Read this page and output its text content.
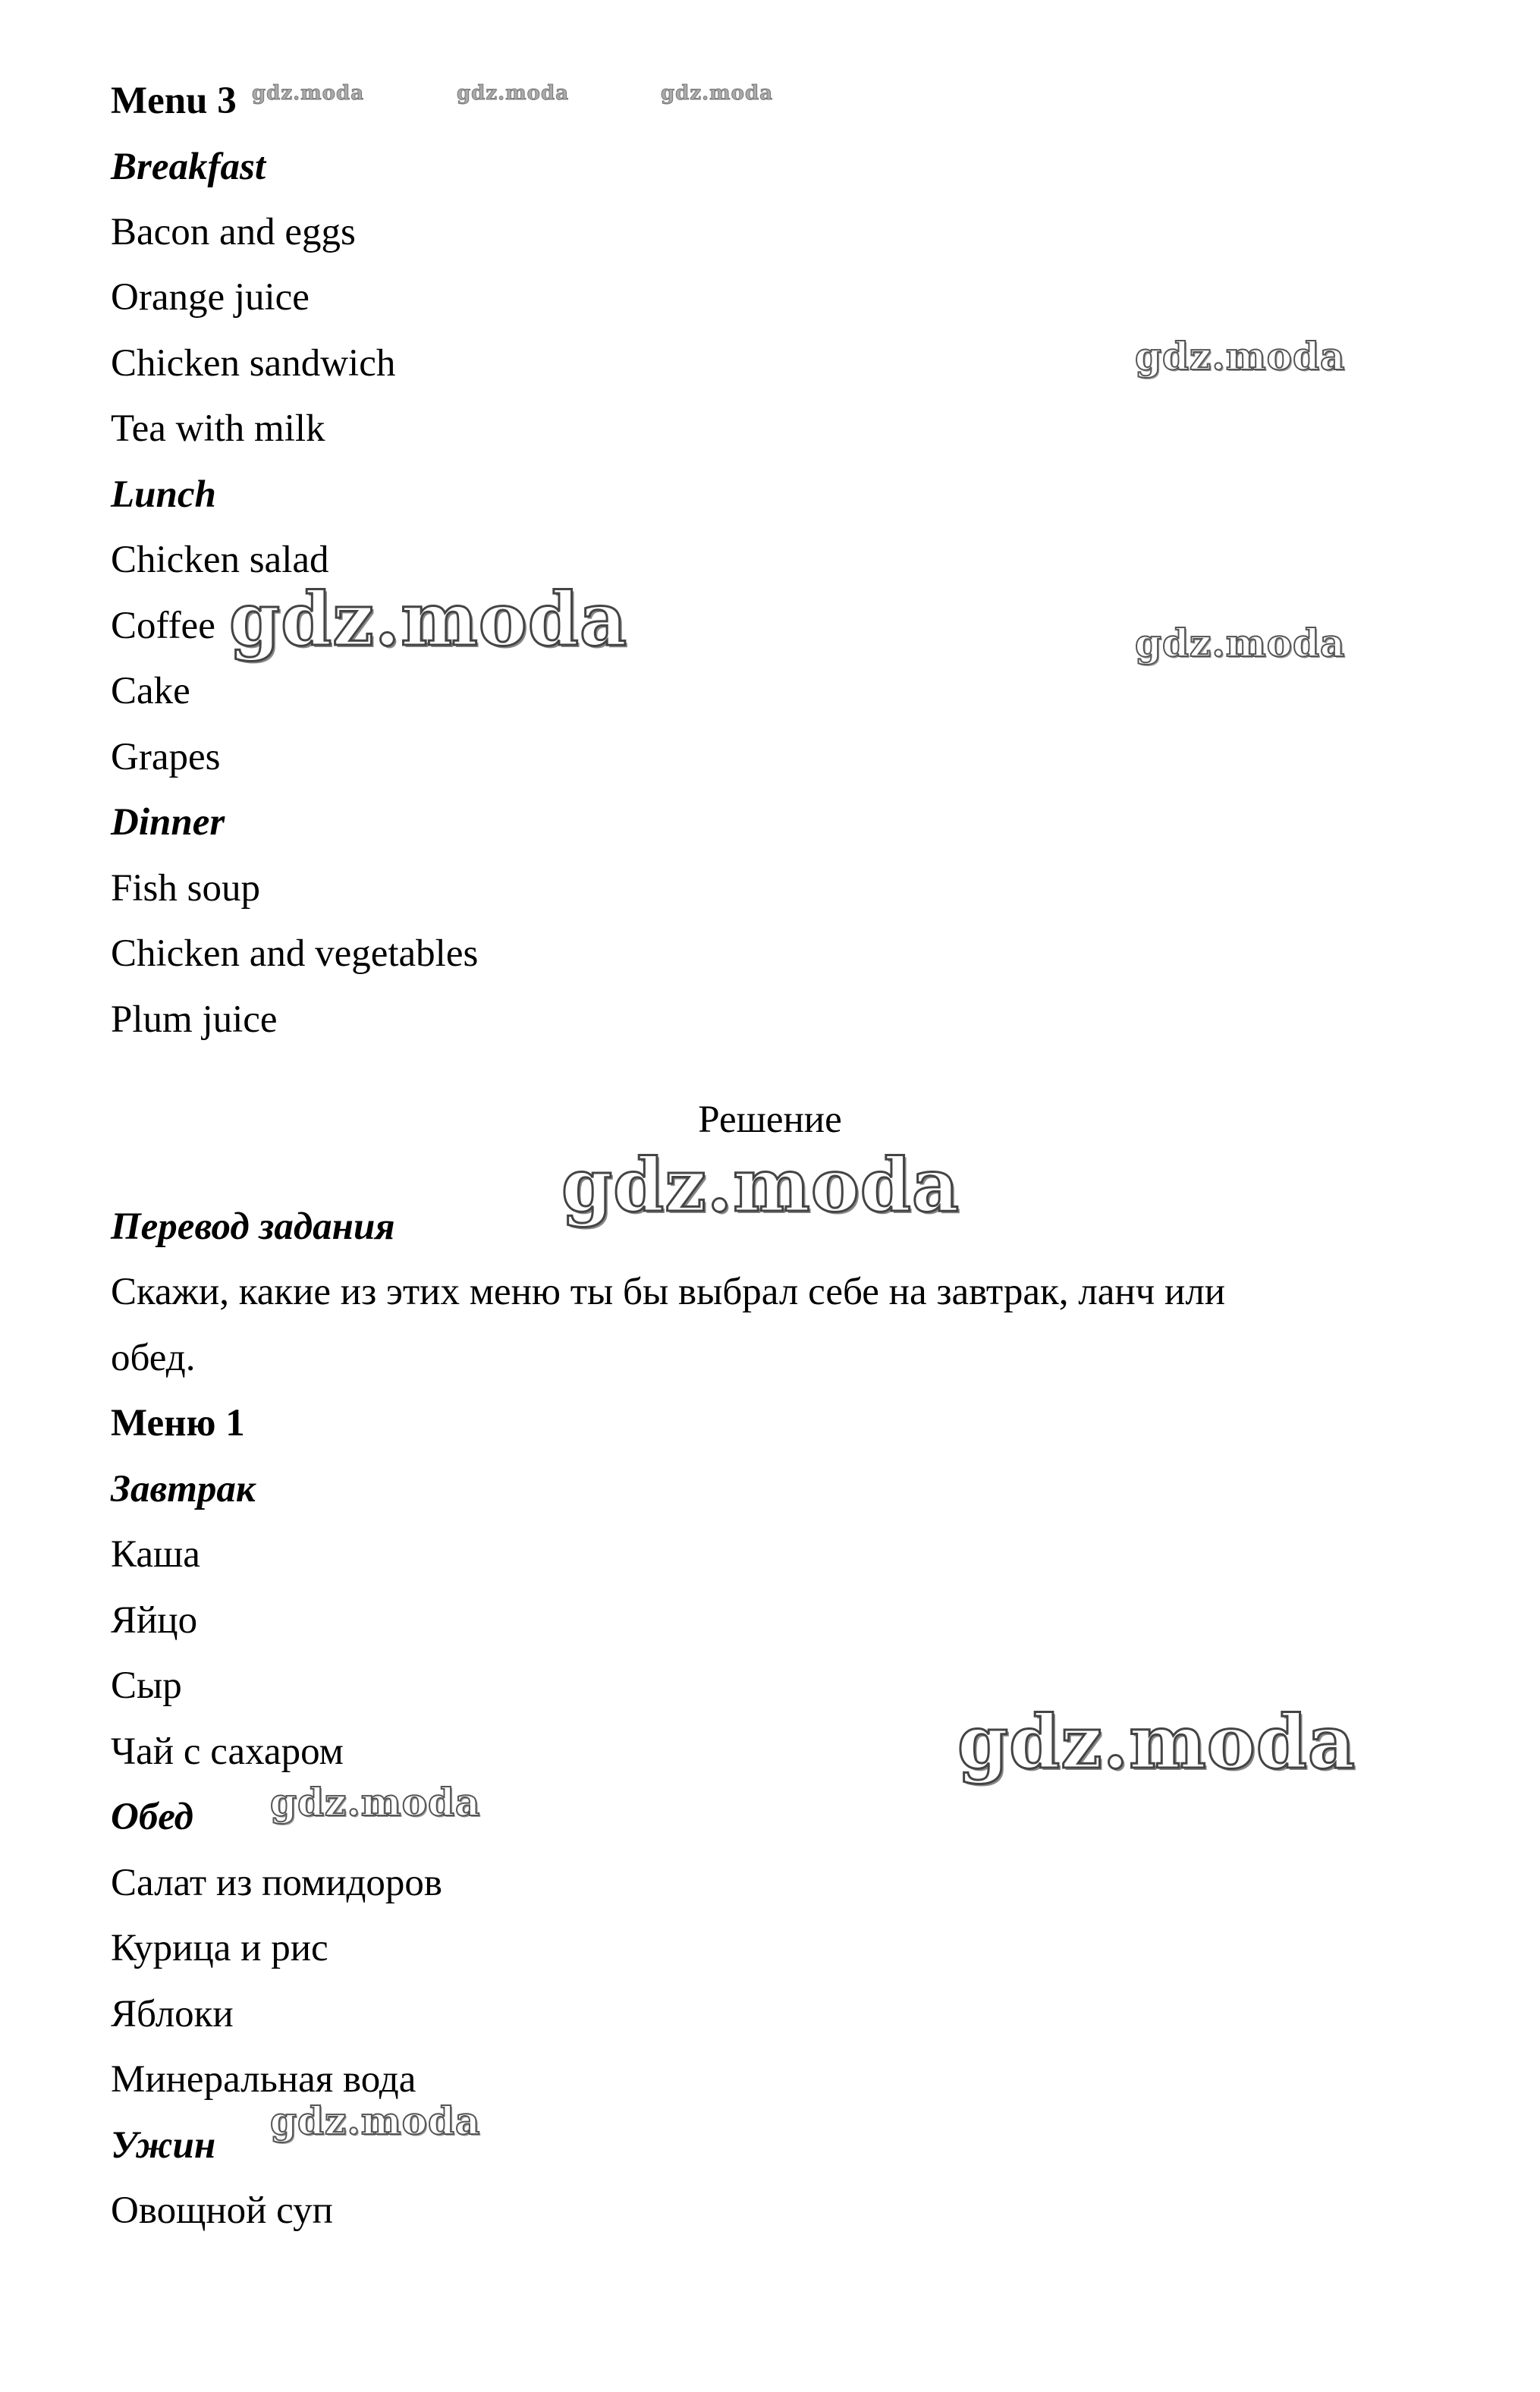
Menu 3
Breakfast
Bacon and eggs
Orange juice
Chicken sandwich
Tea with milk
Lunch
Chicken salad
Coffee
Cake
Grapes
Dinner
Fish soup
Chicken and vegetables
Plum juice
Решение
Перевод задания
Скажи, какие из этих меню ты бы выбрал себе на завтрак, ланч или
обед.
Меню 1
Завтрак
Каша
Яйцо
Сыр
Чай с сахаром
Обед
Салат из помидоров
Курица и рис
Яблоки
Минеральная вода
Ужин
Овощной суп
gdz.moda	gdz.moda	gdz.moda
gdz.moda
gdz.moda	gdz.moda
gdz.moda
gdz.moda
gdz.moda
gdz.moda
